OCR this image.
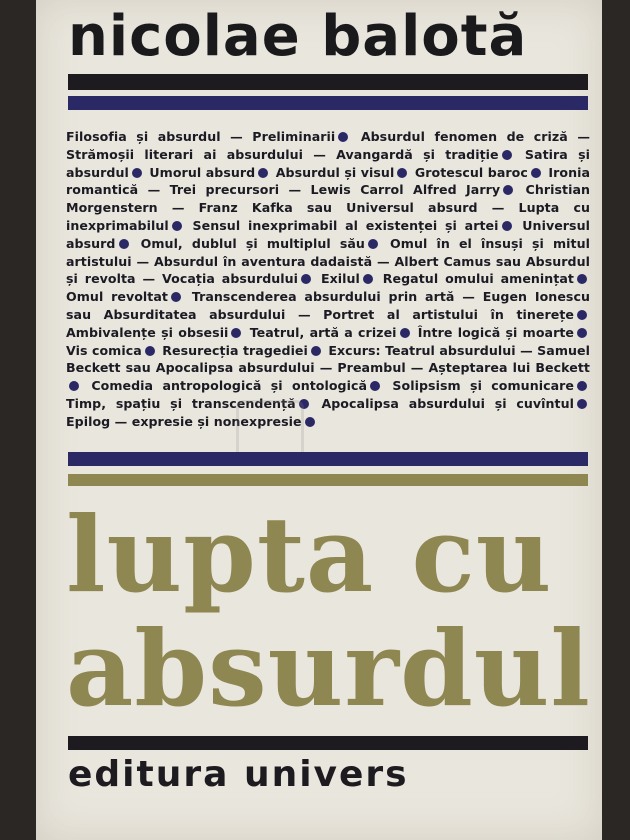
nicolae balotă
Filosofia și absurdul — Preliminarii Absurdul fenomen de criză — Strămoșii literari ai absurdului — Avangardă și tradiție Satira și absurdul Umorul absurd Absurdul și visul Grotescul baroc Ironia romantică — Trei precursori — Lewis Carrol Alfred Jarry Christian Morgenstern — Franz Kafka sau Universul absurd — Lupta cu inexprimabilul Sensul inexprimabil al existenței și artei Universul absurd Omul, dublul și multiplul său Omul în el însuși și mitul artistului — Absurdul în aventura dadaistă — Albert Camus sau Absurdul și revolta — Vocația absurdului Exilul Regatul omului amenințat Omul revoltat Transcenderea absurdului prin artă — Eugen Ionescu sau Absurditatea absurdului — Portret al artistului în tinerețe Ambivalențe și obsesii Teatrul, artă a crizei Între logică și moarte Vis comica Resurecția tragediei Excurs: Teatrul absurdului — Samuel Beckett sau Apocalipsa absurdului — Preambul — Așteptarea lui Beckett Comedia antropologică și ontologică Solipsism și comunicare Timp, spațiu și transcendență Apocalipsa absurdului și cuvîntul Epilog — expresie și nonexpresie
lupta cu
absurdul
editura univers
